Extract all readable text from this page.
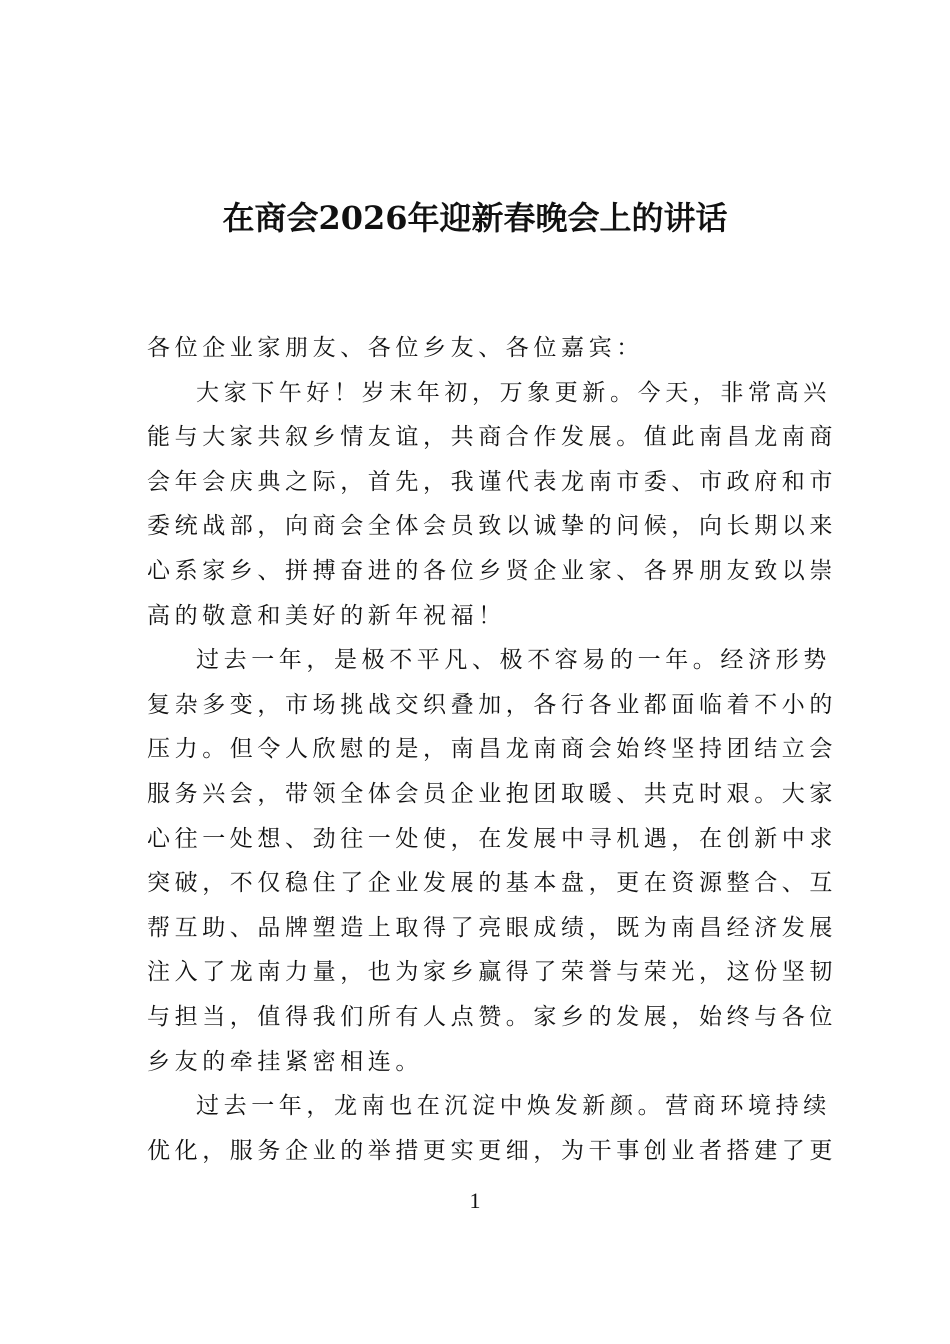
在商会2026年迎新春晚会上的讲话
各位企业家朋友、各位乡友、各位嘉宾：
大家下午好！岁末年初，万象更新。今天，非常高兴
能与大家共叙乡情友谊，共商合作发展。值此南昌龙南商
会年会庆典之际，首先，我谨代表龙南市委、市政府和市
委统战部，向商会全体会员致以诚挚的问候，向长期以来
心系家乡、拼搏奋进的各位乡贤企业家、各界朋友致以崇
高的敬意和美好的新年祝福！
过去一年，是极不平凡、极不容易的一年。经济形势
复杂多变，市场挑战交织叠加，各行各业都面临着不小的
压力。但令人欣慰的是，南昌龙南商会始终坚持团结立会
服务兴会，带领全体会员企业抱团取暖、共克时艰。大家
心往一处想、劲往一处使，在发展中寻机遇，在创新中求
突破，不仅稳住了企业发展的基本盘，更在资源整合、互
帮互助、品牌塑造上取得了亮眼成绩，既为南昌经济发展
注入了龙南力量，也为家乡赢得了荣誉与荣光，这份坚韧
与担当，值得我们所有人点赞。家乡的发展，始终与各位
乡友的牵挂紧密相连。
过去一年，龙南也在沉淀中焕发新颜。营商环境持续
优化，服务企业的举措更实更细，为干事创业者搭建了更
1
